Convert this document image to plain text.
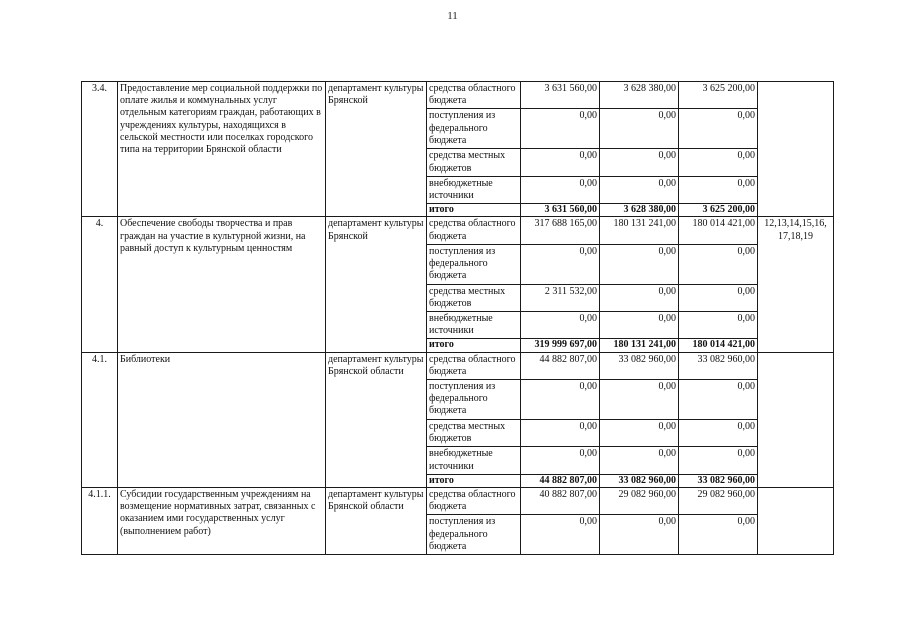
11
3.4.	Предоставление мер социальной поддержки по оплате жилья и коммунальных услуг отдельным категориям граждан, работающих в учреждениях культуры, находящихся в сельской местности или поселках городского типа на территории Брянской области	департамент культуры Брянской	средства областного бюджета	3 631 560,00	3 628 380,00	3 625 200,00	
			поступления из федерального бюджета	0,00	0,00	0,00	
			средства местных бюджетов	0,00	0,00	0,00	
			внебюджетные источники	0,00	0,00	0,00	
			итого	3 631 560,00	3 628 380,00	3 625 200,00	
4.	Обеспечение свободы творчества и прав граждан на участие в культурной жизни, на равный доступ к культурным ценностям	департамент культуры Брянской	средства областного бюджета	317 688 165,00	180 131 241,00	180 014 421,00	12,13,14,15,16, 17,18,19
			поступления из федерального бюджета	0,00	0,00	0,00	
			средства местных бюджетов	2 311 532,00	0,00	0,00	
			внебюджетные источники	0,00	0,00	0,00	
			итого	319 999 697,00	180 131 241,00	180 014 421,00	
4.1.	Библиотеки	департамент культуры Брянской области	средства областного бюджета	44 882 807,00	33 082 960,00	33 082 960,00	
			поступления из федерального бюджета	0,00	0,00	0,00	
			средства местных бюджетов	0,00	0,00	0,00	
			внебюджетные источники	0,00	0,00	0,00	
			итого	44 882 807,00	33 082 960,00	33 082 960,00	
4.1.1.	Субсидии государственным учреждениям на возмещение нормативных затрат, связанных с оказанием ими государственных услуг (выполнением работ)	департамент культуры Брянской области	средства областного бюджета	40 882 807,00	29 082 960,00	29 082 960,00	
			поступления из федерального бюджета	0,00	0,00	0,00	
